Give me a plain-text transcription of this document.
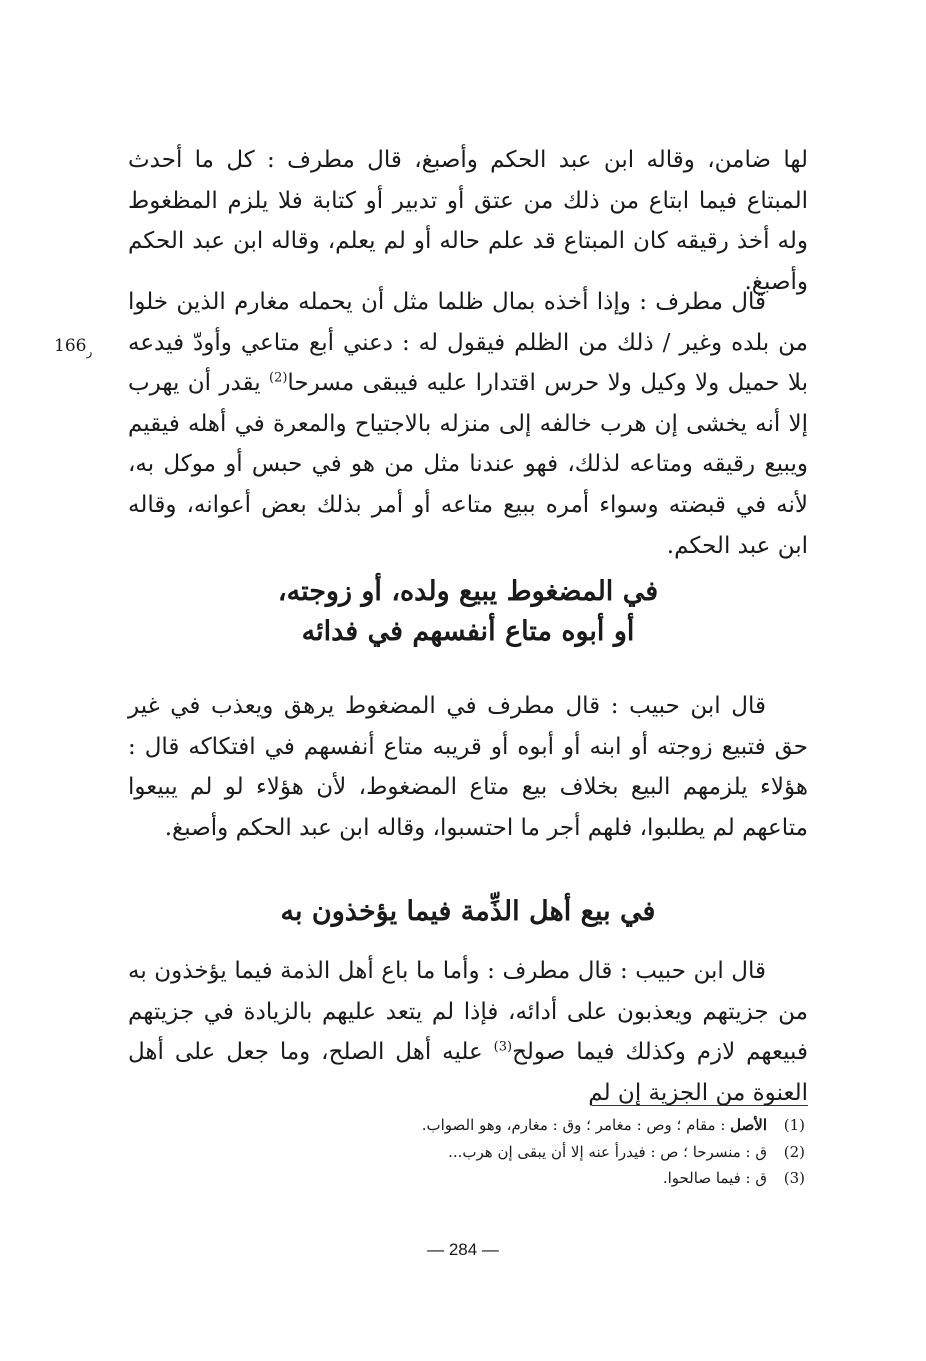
لها ضامن، وقاله ابن عبد الحكم وأصبغ، قال مطرف : كل ما أحدث المبتاع فيما ابتاع من ذلك من عتق أو تدبير أو كتابة فلا يلزم المظغوط وله أخذ رقيقه كان المبتاع قد علم حاله أو لم يعلم، وقاله ابن عبد الحكم وأصبغ.

قال مطرف : وإذا أخذه بمال ظلما مثل أن يحمله مغارم الذين خلوا من بلده وغير / ذلك من الظلم فيقول له : دعني أبع متاعي وأودّ فيدعه بلا حميل ولا وكيل ولا حرس اقتدارا عليه فيبقى مسرحا$^{(2)}$ يقدر أن يهرب إلا أنه يخشى إن هرب خالفه إلى منزله بالاجتياح والمعرة في أهله فيقيم ويبيع رقيقه ومتاعه لذلك، فهو عندنا مثل من هو في حبس أو موكل به، لأنه في قبضته وسواء أمره ببيع متاعه أو أمر بذلك بعض أعوانه، وقاله ابن عبد الحكم.

$166_ر$
في المضغوط يبيع ولده، أو زوجته،
أو أبوه متاع أنفسهم في فدائه

قال ابن حبيب : قال مطرف في المضغوط يرهق ويعذب في غير حق فتبيع زوجته أو ابنه أو أبوه أو قريبه متاع أنفسهم في افتكاكه قال : هؤلاء يلزمهم البيع بخلاف بيع متاع المضغوط، لأن هؤلاء لو لم يبيعوا متاعهم لم يطلبوا، فلهم أجر ما احتسبوا، وقاله ابن عبد الحكم وأصبغ.

في بيع أهل الذِّمة فيما يؤخذون به

قال ابن حبيب : قال مطرف : وأما ما باع أهل الذمة فيما يؤخذون به من جزيتهم ويعذبون على أدائه، فإذا لم يتعد عليهم بالزيادة في جزيتهم فبيعهم لازم وكذلك فيما صولح$^{(3)}$ عليه أهل الصلح، وما جعل على أهل العنوة من الجزية إن لم

(1)
الأصل : مقام ؛ وص : مغامر ؛ وق : مغارم، وهو الصواب.
(2)
ق : منسرحا ؛ ص : فيدرأ عنه إلا أن يبقى إن هرب...
(3)
ق : فيما صالحوا.
— 284 —
